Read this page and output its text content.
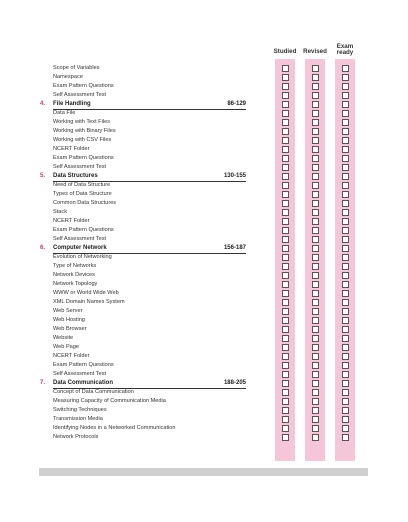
Studied	Revised
Exam ready
Scope of Variables
Namespace
Exam Pattern Questions
Self Assessment Test
4. File Handling	86-129
Data File
Working with Text Files
Working with Binary Files
Working with CSV Files
NCERT Folder
Exam Pattern Questions
Self Assessment Test
5. Data Structures	130-155
Need of Data Structure
Types of Data Structure
Common Data Structures
Stack
NCERT Folder
Exam Pattern Questions
Self Assessment Test
6. Computer Network	156-187
Evolution of Networking
Type of Networks
Network Devices
Network Topology
WWW or World Wide Web
XML Domain Names System
Web Server
Web Hosting
Web Browser
Website
Web Page
NCERT Folder
Exam Pattern Questions
Self Assessment Test
7. Data Communication	188-205
Concept of Data Communication
Measuring Capacity of Communication Media
Switching Techniques
Transmission Media
Identifying Nodes in a Networked Communication
Network Protocols
